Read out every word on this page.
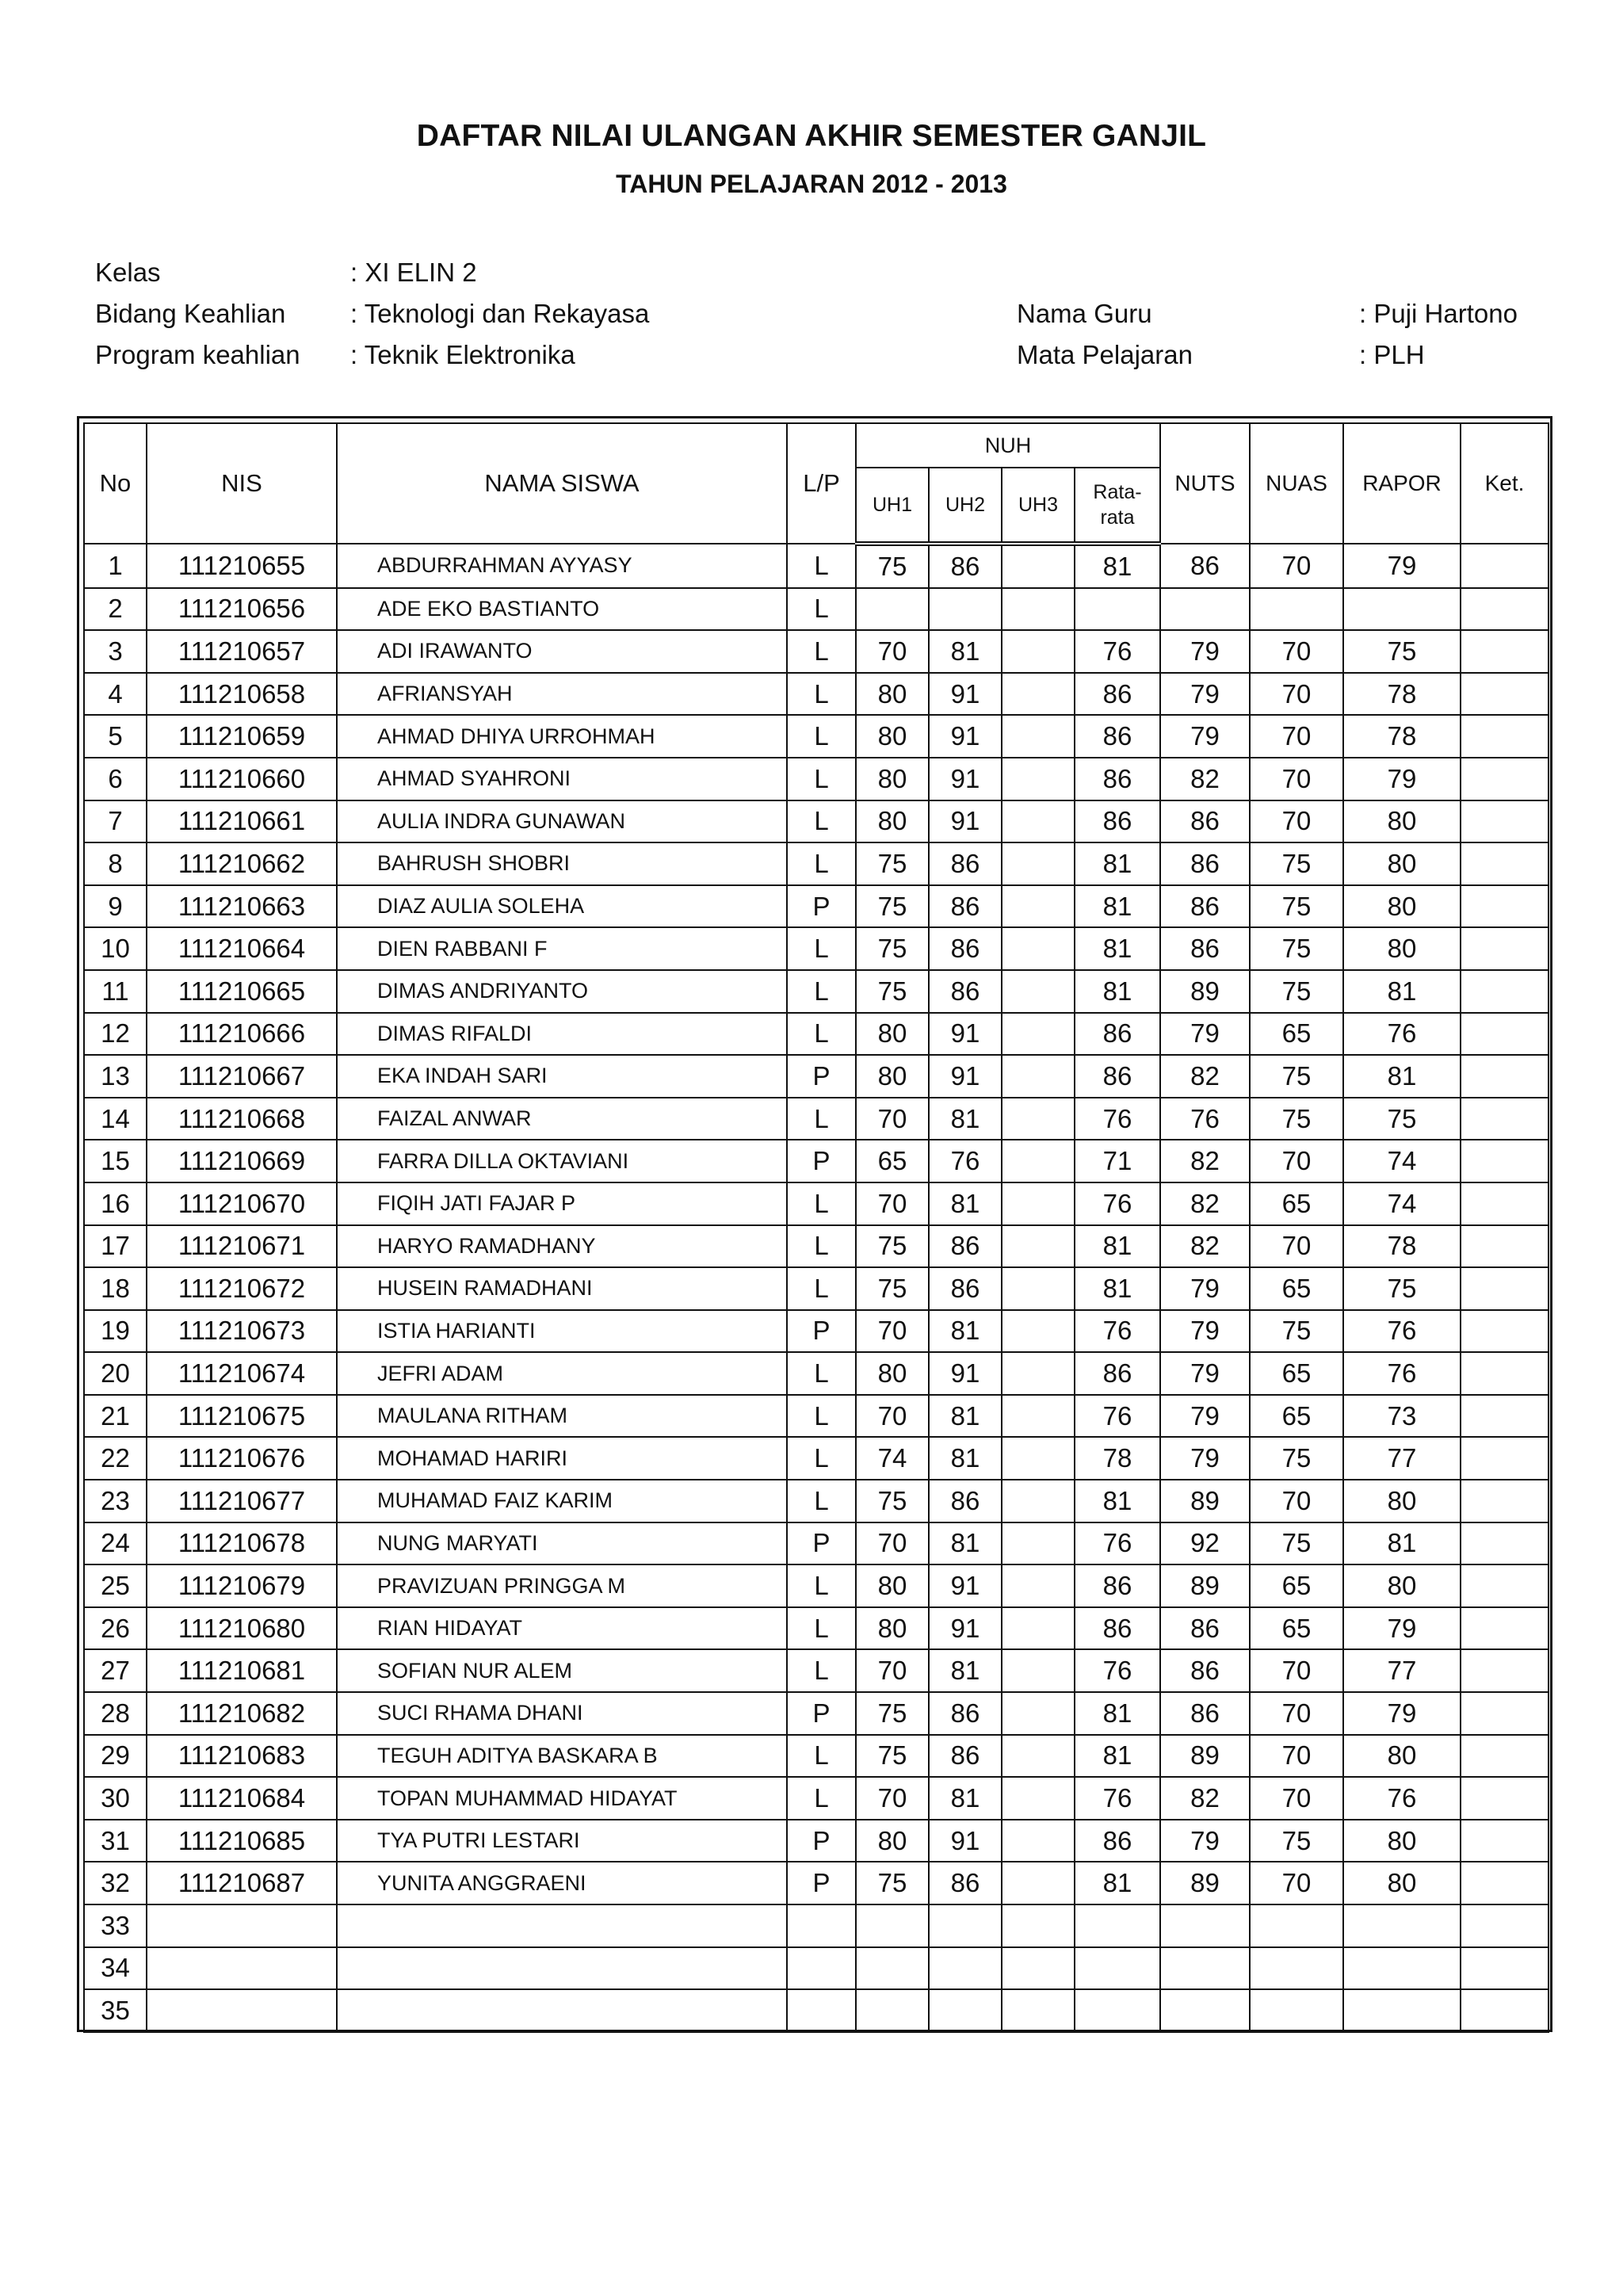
DAFTAR NILAI ULANGAN AKHIR SEMESTER GANJIL
TAHUN PELAJARAN 2012 - 2013
Kelas	: XI ELIN 2
Bidang Keahlian : Teknologi dan Rekayasa
Program keahlian : Teknik Elektronika
Nama Guru	: Puji Hartono
Mata Pelajaran	: PLH
No	NIS	NAMA SISWA	L/P	NUH				NUTS	NUAS	RAPOR	Ket.
				UH1	UH2	UH3	Rata-
rata				

1	111210655	ABDURRAHMAN AYYASY	L	75	86		81	86	70	79	
2	111210656	ADE EKO BASTIANTO	L								
3	111210657	ADI IRAWANTO	L	70	81		76	79	70	75	
4	111210658	AFRIANSYAH	L	80	91		86	79	70	78	
5	111210659	AHMAD DHIYA URROHMAH	L	80	91		86	79	70	78	
6	111210660	AHMAD SYAHRONI	L	80	91		86	82	70	79	
7	111210661	AULIA INDRA GUNAWAN	L	80	91		86	86	70	80	
8	111210662	BAHRUSH SHOBRI	L	75	86		81	86	75	80	
9	111210663	DIAZ AULIA SOLEHA	P	75	86		81	86	75	80	
10	111210664	DIEN RABBANI F	L	75	86		81	86	75	80	
11	111210665	DIMAS ANDRIYANTO	L	75	86		81	89	75	81	
12	111210666	DIMAS RIFALDI	L	80	91		86	79	65	76	
13	111210667	EKA INDAH SARI	P	80	91		86	82	75	81	
14	111210668	FAIZAL ANWAR	L	70	81		76	76	75	75	
15	111210669	FARRA DILLA OKTAVIANI	P	65	76		71	82	70	74	
16	111210670	FIQIH JATI FAJAR P	L	70	81		76	82	65	74	
17	111210671	HARYO RAMADHANY	L	75	86		81	82	70	78	
18	111210672	HUSEIN RAMADHANI	L	75	86		81	79	65	75	
19	111210673	ISTIA HARIANTI	P	70	81		76	79	75	76	
20	111210674	JEFRI ADAM	L	80	91		86	79	65	76	
21	111210675	MAULANA RITHAM	L	70	81		76	79	65	73	
22	111210676	MOHAMAD HARIRI	L	74	81		78	79	75	77	
23	111210677	MUHAMAD FAIZ KARIM	L	75	86		81	89	70	80	
24	111210678	NUNG MARYATI	P	70	81		76	92	75	81	
25	111210679	PRAVIZUAN PRINGGA M	L	80	91		86	89	65	80	
26	111210680	RIAN HIDAYAT	L	80	91		86	86	65	79	
27	111210681	SOFIAN NUR ALEM	L	70	81		76	86	70	77	
28	111210682	SUCI RHAMA DHANI	P	75	86		81	86	70	79	
29	111210683	TEGUH ADITYA BASKARA B	L	75	86		81	89	70	80	
30	111210684	TOPAN MUHAMMAD HIDAYAT	L	70	81		76	82	70	76	
31	111210685	TYA PUTRI LESTARI	P	80	91		86	79	75	80	
32	111210687	YUNITA ANGGRAENI	P	75	86		81	89	70	80	
33											
34											
35											
